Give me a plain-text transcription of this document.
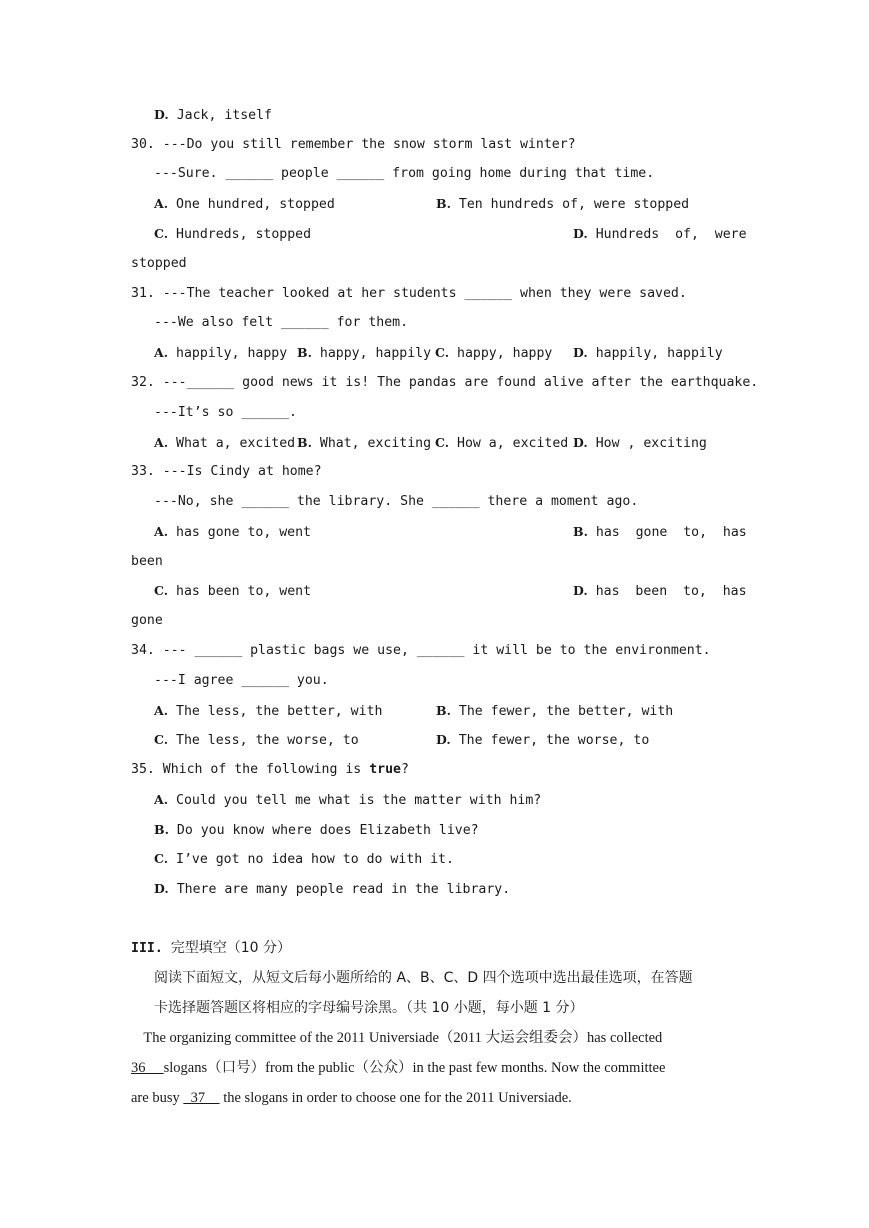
D. Jack, itself
30. ---Do you still remember the snow storm last winter?
---Sure. ______ people ______ from going home during that time.
A. One hundred, stopped	B. Ten hundreds of, were stopped
C. Hundreds, stopped	D. Hundreds  of,  were
stopped
31. ---The teacher looked at her students ______ when they were saved.
---We also felt ______ for them.
A. happily, happy B. happy, happily C. happy, happy D. happily, happily
32. ---______ good news it is! The pandas are found alive after the earthquake.
---It’s so ______.
A. What a, excited B. What, exciting C. How a, excited D. How , exciting
33. ---Is Cindy at home?
---No, she ______ the library. She ______ there a moment ago.
A. has gone to, went	B. has  gone  to,  has
been
C. has been to, went	D. has  been  to,  has
gone
34. --- ______ plastic bags we use, ______ it will be to the environment.
---I agree ______ you.
A. The less, the better, with	B. The fewer, the better, with
C. The less, the worse, to	D. The fewer, the worse, to
35. Which of the following is true?
A. Could you tell me what is the matter with him?
B. Do you know where does Elizabeth live?
C. I’ve got no idea how to do with it.
D. There are many people read in the library.
III. 完型填空（10 分）
阅读下面短文，从短文后每小题所给的 A、B、C、D 四个选项中选出最佳选项，在答题
卡选择题答题区将相应的字母编号涂黑。（共 10 小题，每小题 1 分）
The organizing committee of the 2011 Universiade（2011 大运会组委会）has collected
36     slogans（口号）from the public（公众）in the past few months. Now the committee
are busy   37     the slogans in order to choose one for the 2011 Universiade.
